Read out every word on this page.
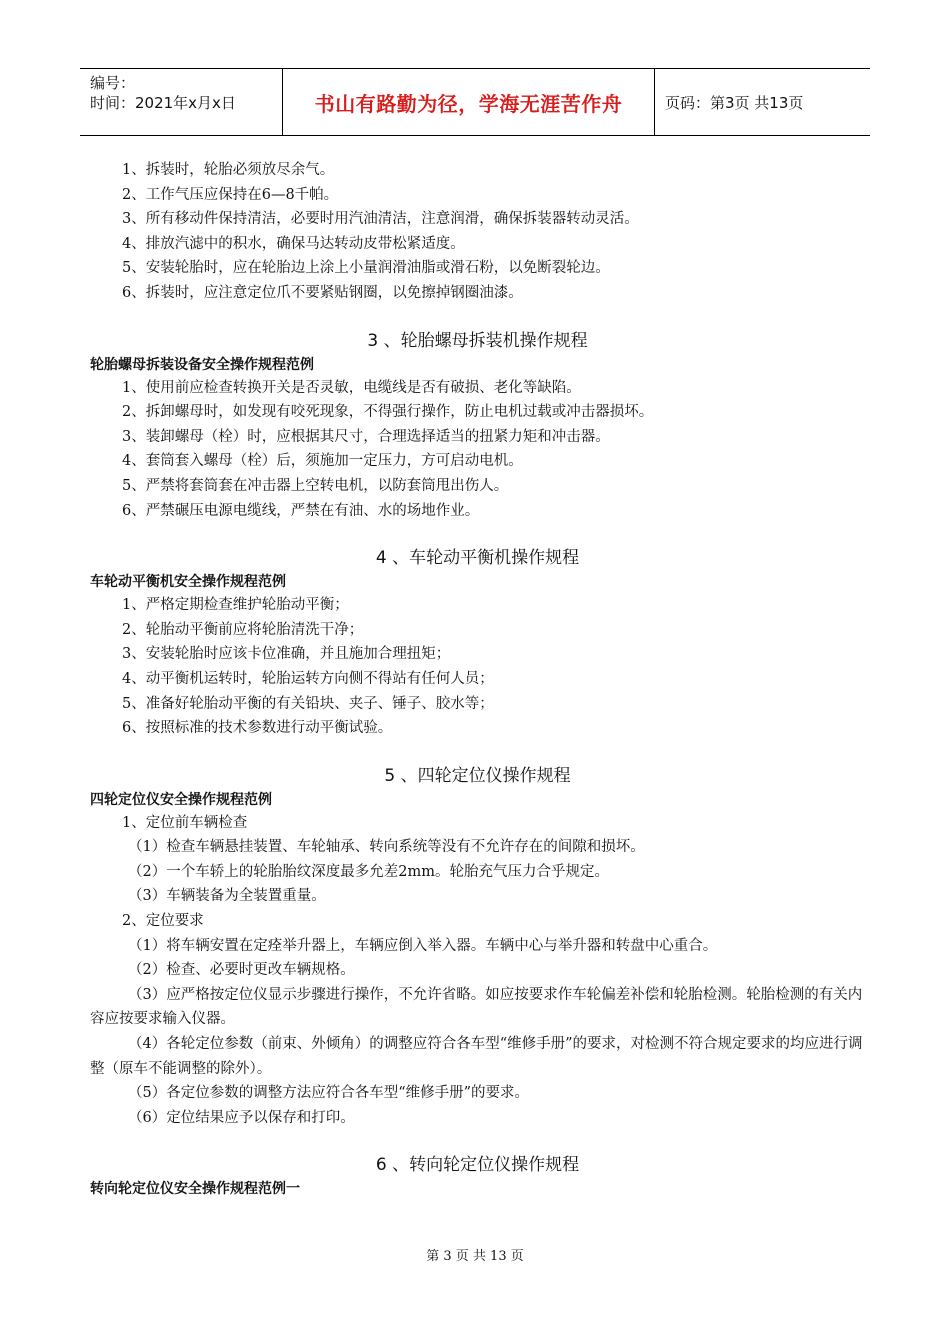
编号：
时间：2021年x月x日	书山有路勤为径，学海无涯苦作舟	页码：第3页 共13页
1、拆装时，轮胎必须放尽余气。
2、工作气压应保持在6—8千帕。
3、所有移动件保持清洁，必要时用汽油清洁，注意润滑，确保拆装器转动灵活。
4、排放汽滤中的积水，确保马达转动皮带松紧适度。
5、安装轮胎时，应在轮胎边上涂上小量润滑油脂或滑石粉，以免断裂轮边。
6、拆装时，应注意定位爪不要紧贴钢圈，以免擦掉钢圈油漆。
3 、轮胎螺母拆装机操作规程
轮胎螺母拆装设备安全操作规程范例
1、使用前应检查转换开关是否灵敏，电缆线是否有破损、老化等缺陷。
2、拆卸螺母时，如发现有咬死现象，不得强行操作，防止电机过载或冲击器损坏。
3、装卸螺母（栓）时，应根据其尺寸，合理选择适当的扭紧力矩和冲击器。
4、套筒套入螺母（栓）后，须施加一定压力，方可启动电机。
5、严禁将套筒套在冲击器上空转电机，以防套筒甩出伤人。
6、严禁碾压电源电缆线，严禁在有油、水的场地作业。
4 、车轮动平衡机操作规程
车轮动平衡机安全操作规程范例
1、严格定期检查维护轮胎动平衡；
2、轮胎动平衡前应将轮胎清洗干净；
3、安装轮胎时应该卡位准确，并且施加合理扭矩；
4、动平衡机运转时，轮胎运转方向侧不得站有任何人员；
5、准备好轮胎动平衡的有关铅块、夹子、锤子、胶水等；
6、按照标准的技术参数进行动平衡试验。
5 、四轮定位仪操作规程
四轮定位仪安全操作规程范例
1、定位前车辆检查
（1）检查车辆悬挂装置、车轮轴承、转向系统等没有不允许存在的间隙和损坏。
（2）一个车轿上的轮胎胎纹深度最多允差2mm。轮胎充气压力合乎规定。
（3）车辆装备为全装置重量。
2、定位要求
（1）将车辆安置在定痊举升器上，车辆应倒入举入器。车辆中心与举升器和转盘中心重合。
（2）检查、必要时更改车辆规格。
（3）应严格按定位仪显示步骤进行操作，不允许省略。如应按要求作车轮偏差补偿和轮胎检测。轮胎检测的有关内容应按要求输入仪器。
（4）各轮定位参数（前束、外倾角）的调整应符合各车型“维修手册”的要求，对检测不符合规定要求的均应进行调整（原车不能调整的除外）。
（5）各定位参数的调整方法应符合各车型“维修手册”的要求。
（6）定位结果应予以保存和打印。
6 、转向轮定位仪操作规程
转向轮定位仪安全操作规程范例一
第 3 页 共 13 页
